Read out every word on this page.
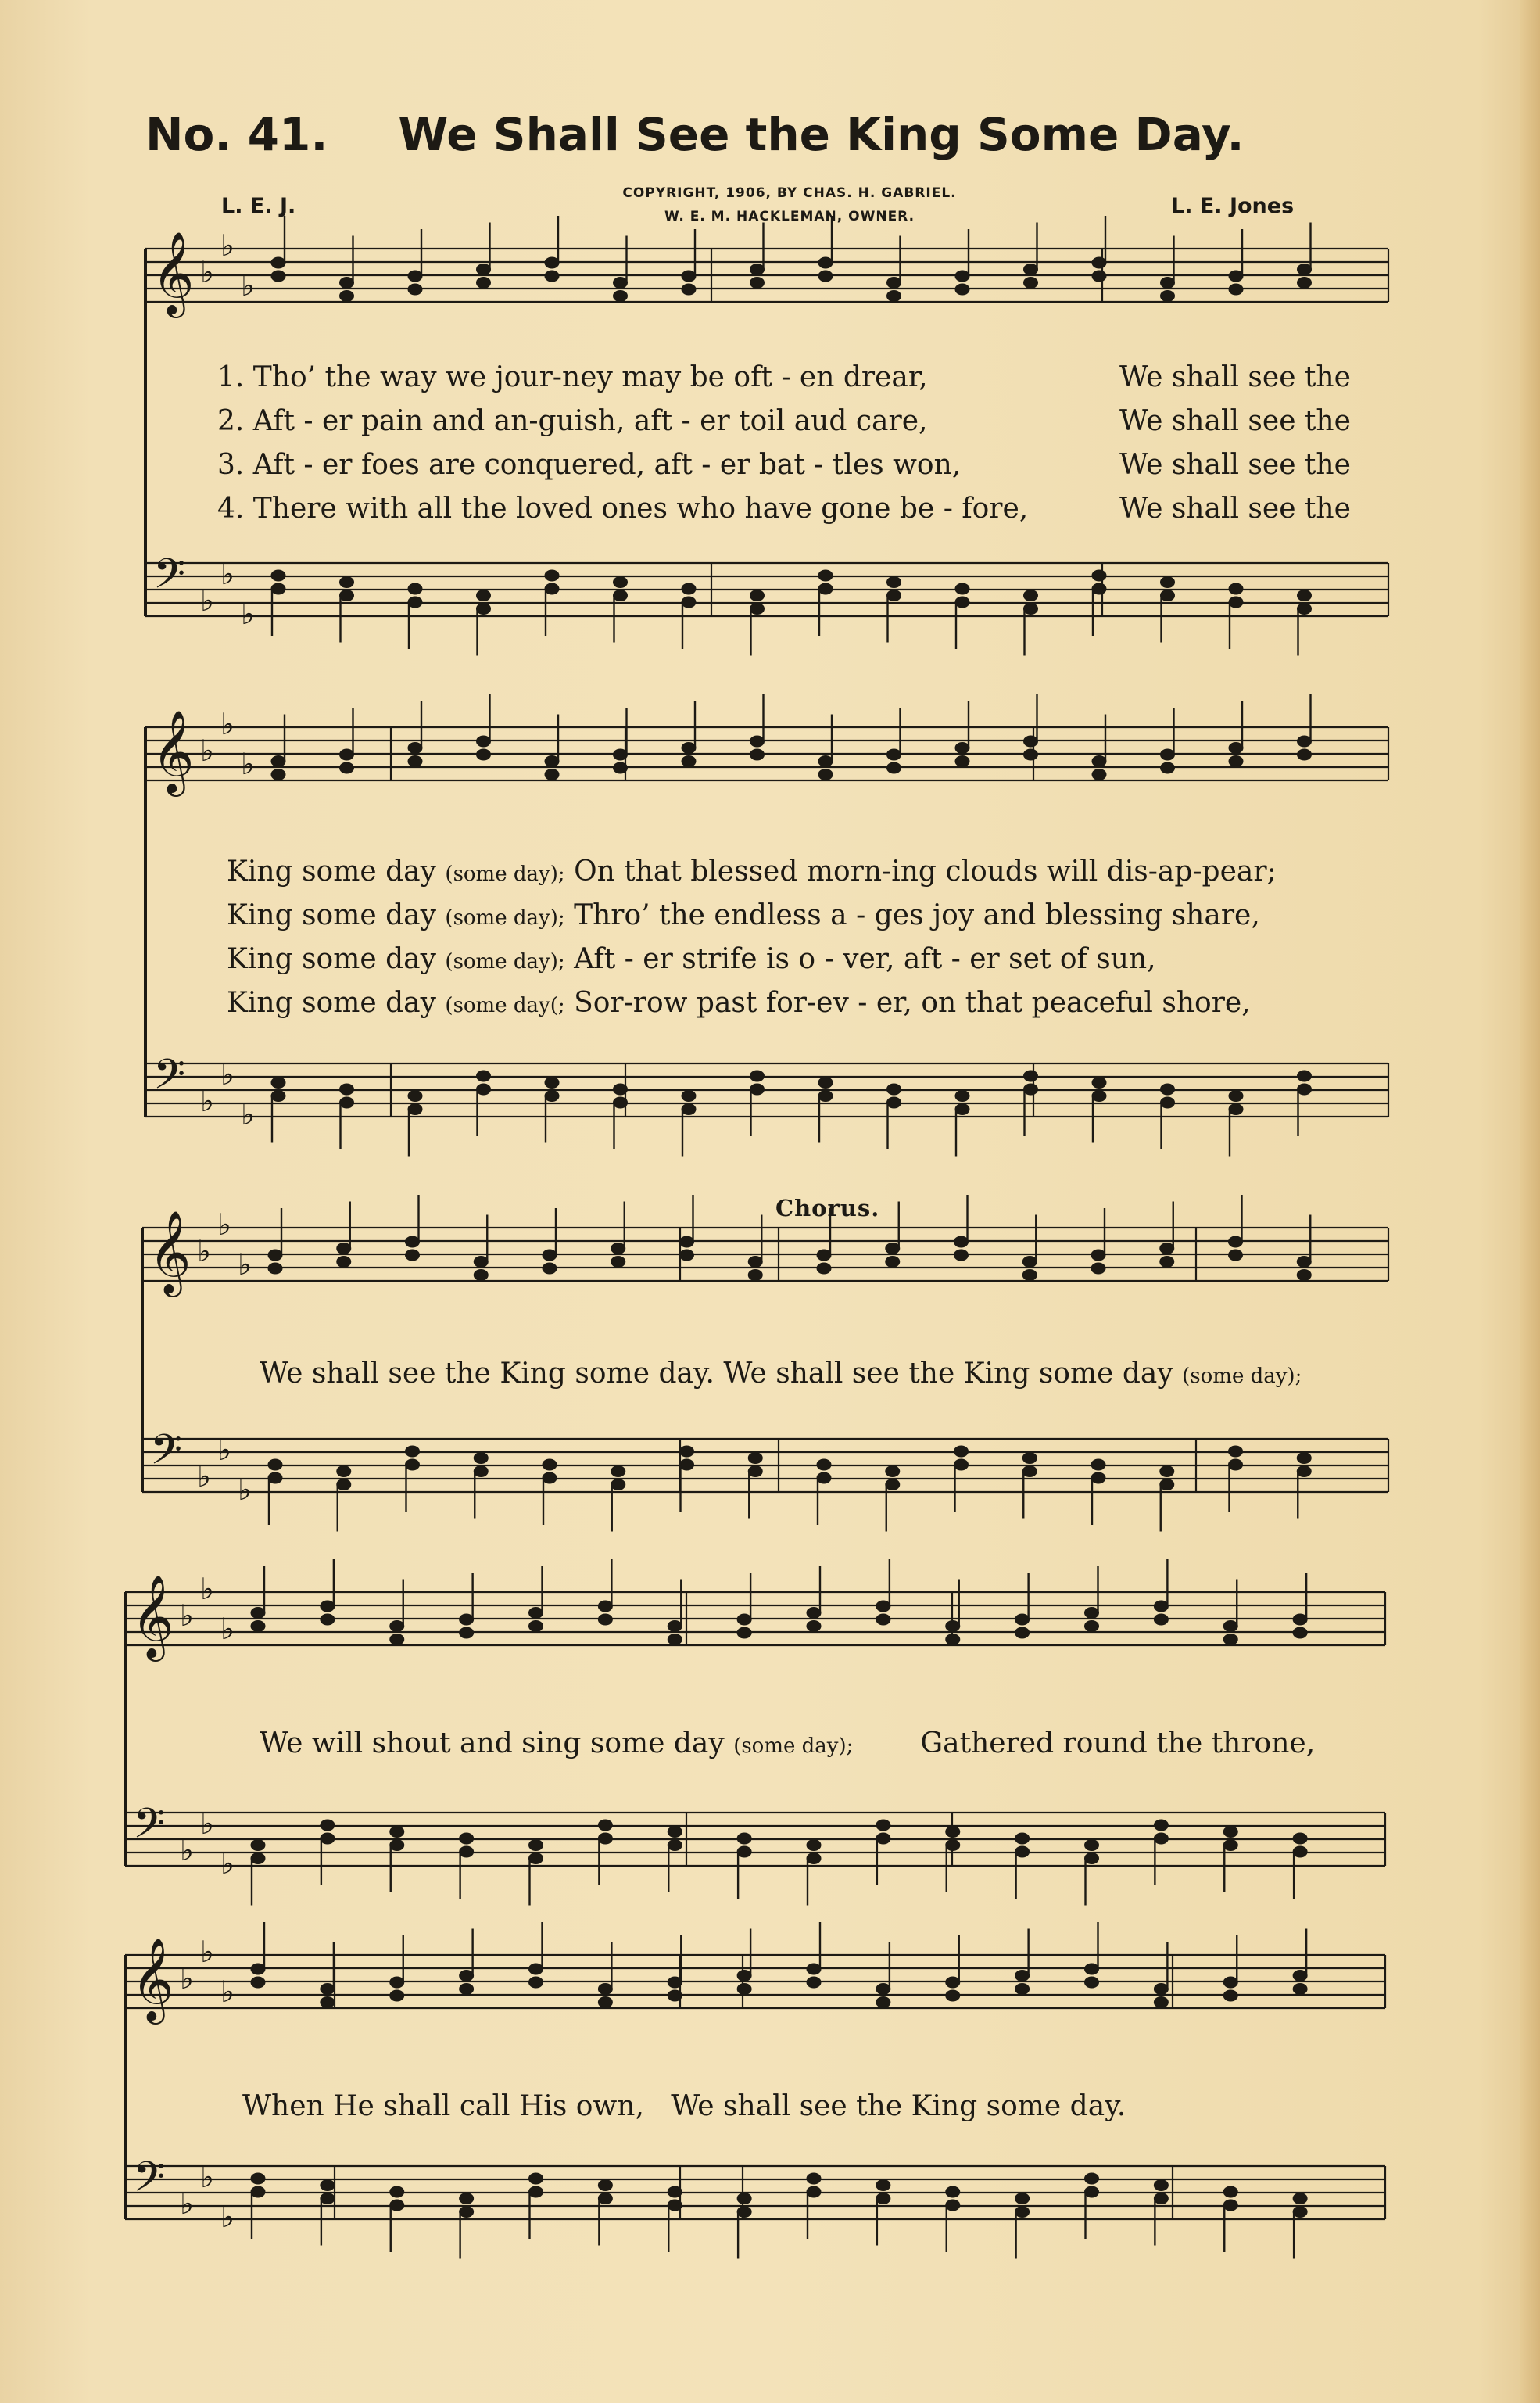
No. 41. We Shall See the King Some Day.
COPYRIGHT, 1906, BY CHAS. H. GABRIEL.
W. E. M. HACKLEMAN, OWNER.
L. E. J.	L. E. Jones
𝄞
𝄢
♭
♭
♭
♭
♭
♭
𝄞
𝄢
♭
♭
♭
♭
♭
♭
𝄞
𝄢
♭
♭
♭
♭
♭
♭
𝄞
𝄢
♭
♭
♭
♭
♭
♭
𝄞
𝄢
♭
♭
♭
♭
♭
♭
1. Tho’ the way we jour-ney may be oft - en drear,	We shall see the
2. Aft - er pain and an-guish, aft - er toil aud care,	We shall see the
3. Aft - er foes are conquered, aft - er bat - tles won,	We shall see the
4. There with all the loved ones who have gone be - fore,	We shall see the
King some day (some day); On that blessed morn-ing clouds will dis-ap-pear;
King some day (some day); Thro’ the endless a - ges joy and blessing share,
King some day (some day); Aft - er strife is o - ver, aft - er set of sun,
King some day (some day(; Sor-row past for-ev - er, on that peaceful shore,
Chorus.
We shall see the King some day. We shall see the King some day (some day);
We will shout and sing some day (some day); Gathered round the throne,
When He shall call His own,   We shall see the King some day.
